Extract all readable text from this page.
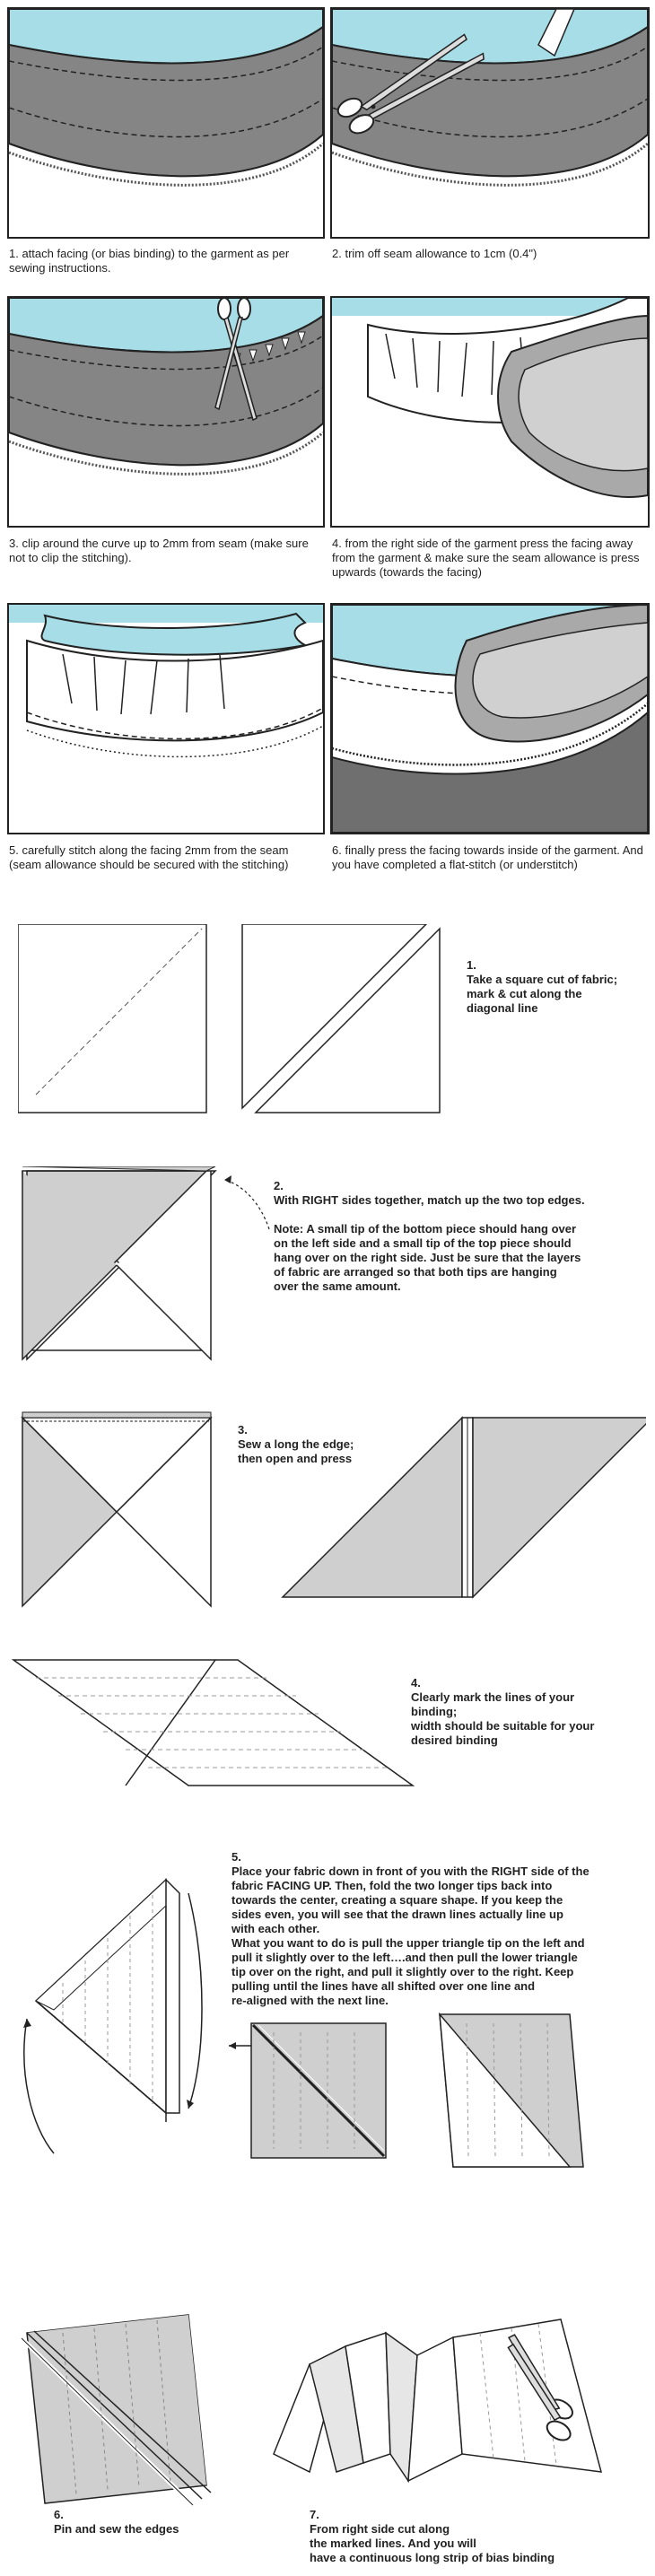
1. attach facing (or bias binding) to the garment as per sewing instructions.
2. trim off seam allowance to 1cm (0.4")
3. clip around the curve up to 2mm from seam (make sure not to clip the stitching).
4. from the right side of the garment press the facing away from the garment & make sure the seam allowance is press upwards (towards the facing)
5. carefully stitch along the facing 2mm from the seam (seam allowance should be secured with the stitching)
6. finally press the facing towards inside of the garment. And you have completed a flat-stitch (or understitch)
1.
Take a square cut of fabric;
mark & cut along the
diagonal line
2.
With RIGHT sides together, match up the two top edges.
Note: A small tip of the bottom piece should hang over
on the left side and a small tip of the top piece should
hang over on the right side. Just be sure that the layers
of fabric are arranged so that both tips are hanging
over the same amount.
3.
Sew a long the edge;
then open and press
4.
Clearly mark the lines of your
binding;
width should be suitable for your
desired binding
5.
Place your fabric down in front of you with the RIGHT side of the
fabric FACING UP. Then, fold the two longer tips back into
towards the center, creating a square shape. If you keep the
sides even, you will see that the drawn lines actually line up
with each other.
What you want to do is pull the upper triangle tip on the left and
pull it slightly over to the left….and then pull the lower triangle
tip over on the right, and pull it slightly over to the right. Keep
pulling until the lines have all shifted over one line and
re-aligned with the next line.
6.
Pin and sew the edges
7.
From right side cut along
the marked lines. And you will
have a continuous long strip of bias binding
